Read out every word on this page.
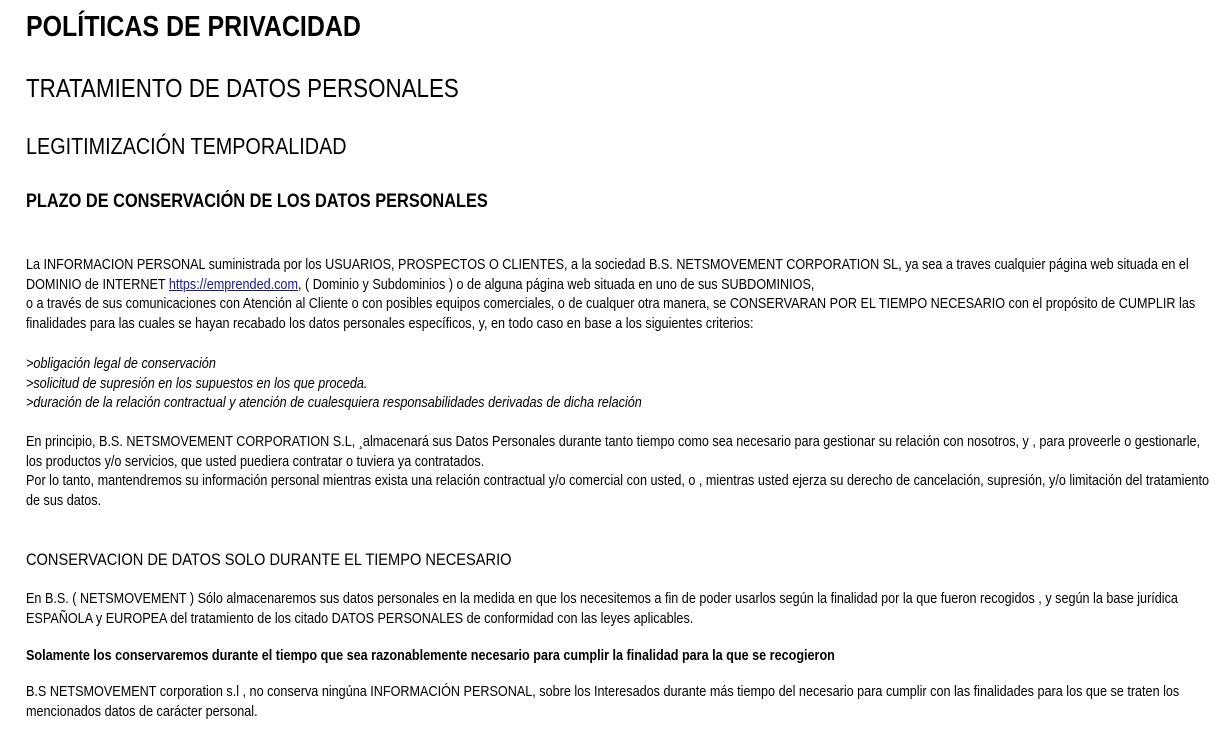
POLÍTICAS DE PRIVACIDAD
TRATAMIENTO DE DATOS PERSONALES
LEGITIMIZACIÓN TEMPORALIDAD
PLAZO DE CONSERVACIÓN DE LOS DATOS PERSONALES

La INFORMACION PERSONAL suministrada por los USUARIOS, PROSPECTOS O CLIENTES, a la sociedad B.S. NETSMOVEMENT CORPORATION SL, ya sea a traves cualquier página web situada en el DOMINIO de INTERNET https://emprended.com, ( Dominio y Subdominios ) o de alguna página web situada en uno de sus SUBDOMINIOS,

o a través de sus comunicaciones con Atención al Cliente o con posibles equipos comerciales, o de cualquer otra manera, se CONSERVARAN POR EL TIEMPO NECESARIO con el propósito de CUMPLIR las finalidades para las cuales se hayan recabado los datos personales específicos, y, en todo caso en base a los siguientes criterios:

>obligación legal de conservación

>solicitud de supresión en los supuestos en los que proceda.

>duración de la relación contractual y atención de cualesquiera responsabilidades derivadas de dicha relación

En principio, B.S. NETSMOVEMENT CORPORATION S.L, ¸almacenará sus Datos Personales durante tanto tiempo como sea necesario para gestionar su relación con nosotros, y , para proveerle o gestionarle, los productos y/o servicios, que usted puediera contratar o tuviera ya contratados.

Por lo tanto, mantendremos su información personal mientras exista una relación contractual y/o comercial con usted, o , mientras usted ejerza su derecho de cancelación, supresión, y/o limitación del tratamiento de sus datos.

CONSERVACION DE DATOS SOLO DURANTE EL TIEMPO NECESARIO

En B.S. ( NETSMOVEMENT ) Sólo almacenaremos sus datos personales en la medida en que los necesitemos a fin de poder usarlos según la finalidad por la que fueron recogidos , y según la base jurídica ESPAÑOLA y EUROPEA del tratamiento de los citado DATOS PERSONALES de conformidad con las leyes aplicables.

Solamente los conservaremos durante el tiempo que sea razonablemente necesario para cumplir la finalidad para la que se recogieron

B.S NETSMOVEMENT corporation s.l , no conserva ningúna INFORMACIÓN PERSONAL, sobre los Interesados durante más tiempo del necesario para cumplir con las finalidades para los que se traten los mencionados datos de carácter personal.
